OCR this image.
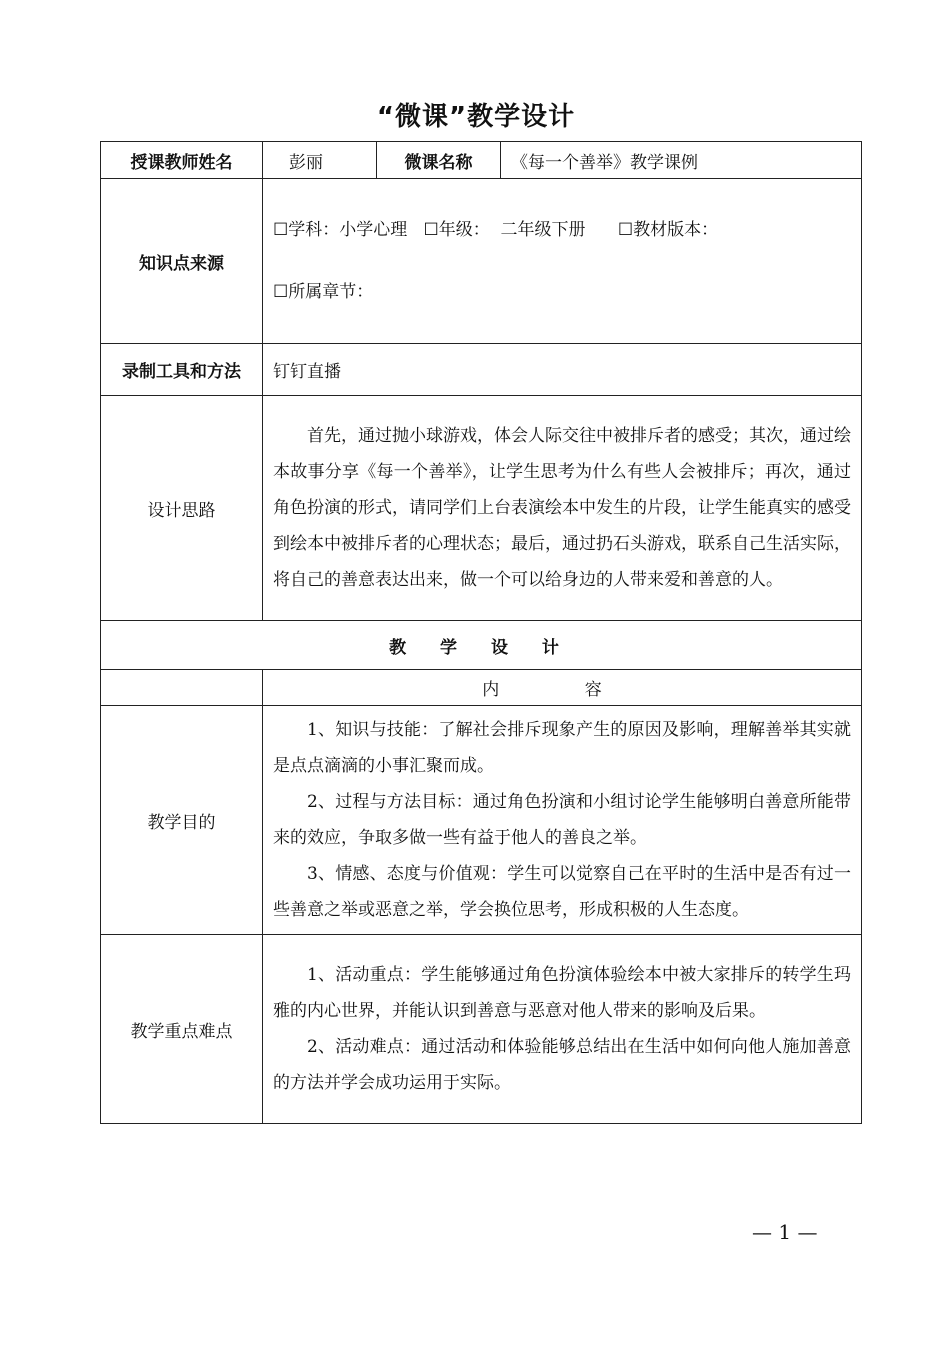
“微课”教学设计
授课教师姓名	彭丽	微课名称	《每一个善举》教学课例
知识点来源	☐学科：小学心理   ☐年级：  二年级下册      ☐教材版本：

☐所属章节：		

录制工具和方法	钉钉直播		
设计思路	首先，通过抛小球游戏，体会人际交往中被排斥者的感受；其次，通过绘本故事分享《每一个善举》，让学生思考为什么有些人会被排斥；再次，通过角色扮演的形式，请同学们上台表演绘本中发生的片段，让学生能真实的感受到绘本中被排斥者的心理状态；最后，通过扔石头游戏，联系自己生活实际，将自己的善意表达出来，做一个可以给身边的人带来爱和善意的人。		

教 学 设 计			
	内 容		
教学目的	1、知识与技能：了解社会排斥现象产生的原因及影响，理解善举其实就是点点滴滴的小事汇聚而成。

2、过程与方法目标：通过角色扮演和小组讨论学生能够明白善意所能带来的效应，争取多做一些有益于他人的善良之举。

3、情感、态度与价值观：学生可以觉察自己在平时的生活中是否有过一些善意之举或恶意之举，学会换位思考，形成积极的人生态度。		

教学重点难点	1、活动重点：学生能够通过角色扮演体验绘本中被大家排斥的转学生玛雅的内心世界，并能认识到善意与恶意对他人带来的影响及后果。

2、活动难点：通过活动和体验能够总结出在生活中如何向他人施加善意的方法并学会成功运用于实际。		

— 1 —
